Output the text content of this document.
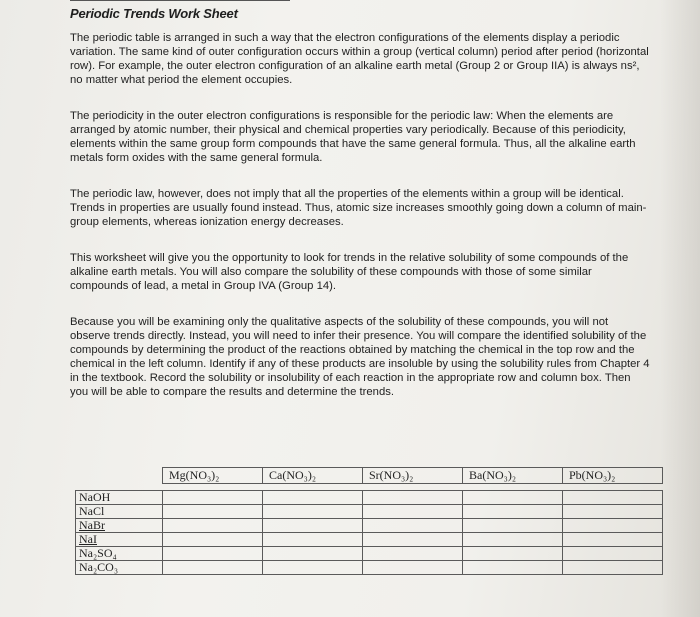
Periodic Trends Work Sheet

The periodic table is arranged in such a way that the electron configurations of the elements display a periodic variation. The same kind of outer configuration occurs within a group (vertical column) period after period (horizontal row). For example, the outer electron configuration of an alkaline earth metal (Group 2 or Group IIA) is always ns², no matter what period the element occupies.

The periodicity in the outer electron configurations is responsible for the periodic law: When the elements are arranged by atomic number, their physical and chemical properties vary periodically. Because of this periodicity, elements within the same group form compounds that have the same general formula. Thus, all the alkaline earth metals form oxides with the same general formula.

The periodic law, however, does not imply that all the properties of the elements within a group will be identical. Trends in properties are usually found instead. Thus, atomic size increases smoothly going down a column of main-group elements, whereas ionization energy decreases.

This worksheet will give you the opportunity to look for trends in the relative solubility of some compounds of the alkaline earth metals. You will also compare the solubility of these compounds with those of some similar compounds of lead, a metal in Group IVA (Group 14).

Because you will be examining only the qualitative aspects of the solubility of these compounds, you will not observe trends directly. Instead, you will need to infer their presence. You will compare the identified solubility of the compounds by determining the product of the reactions obtained by matching the chemical in the top row and the chemical in the left column. Identify if any of these products are insoluble by using the solubility rules from Chapter 4 in the textbook. Record the solubility or insolubility of each reaction in the appropriate row and column box. Then you will be able to compare the results and determine the trends.

	Mg(NO₃)₂	Ca(NO₃)₂	Sr(NO₃)₂	Ba(NO₃)₂	Pb(NO₃)₂

NaOH					
NaCl					
NaBr					
NaI					
Na₂SO₄					
Na₂CO₃					
